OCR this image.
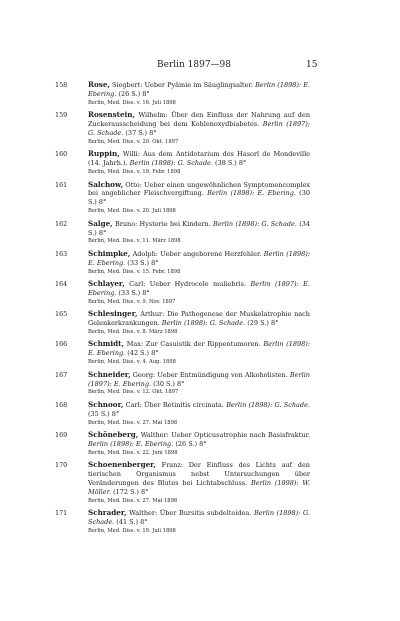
Berlin 1897—98	15
158	Rose, Siegbert: Ueber Pyämie im Säuglingsalter. Berlin (1898): E. Ebering. (26 S.) 8°
Berlin, Med. Diss. v. 16. Juli 1898
159	Rosenstein, Wilhelm: Über den Einfluss der Nahrung auf den Zuckerausscheidung bei dem Kohlenoxydbiabetes. Berlin (1897); G. Schade. (37 S.) 8°
Berlin, Med. Diss. v. 20. Okt. 1897
160	Ruppin, Willi: Aus dem Antidotarium des Hasorl de Mondeville (14. Jahrh.). Berlin (1898): G. Schade. (38 S.) 8°
Berlin, Med. Diss. v. 19. Febr. 1898
161	Salchow, Otto: Ueber einen ungewöhnlichen Symptomencomplex bei angeblicher Fleischvergiftung. Berlin (1898): E. Ebering. (30 S.) 8°
Berlin, Med. Diss. v. 20. Juli 1898
162	Salge, Bruno: Hysterie bei Kindern. Berlin (1898): G. Schade. (34 S.) 8°
Berlin, Med. Diss. v. 11. März 1898
163	Schimpke, Adolph: Ueber angeborene Herzfehler. Berlin (1898): E. Ebering. (33 S.) 8°
Berlin, Med. Diss. v. 15. Febr. 1898
164	Schlayer, Carl: Ueber Hydrocele muliebris. Berlin (1897): E. Ebering. (33 S.) 8°
Berlin, Med. Diss. v. 9. Nov. 1897
165	Schlesinger, Arthur: Die Pathogenese der Muskelatrophie nach Gelenkerkrankungen. Berlin (1898): G. Schade. (29 S.) 8°
Berlin, Med. Diss. v. 8. März 1898
166	Schmidt, Max: Zur Casuistik der Rippentumoren. Berlin (1898): E. Ebering. (42 S.) 8°
Berlin, Med. Diss. v. 4. Aug. 1898
167	Schneider, Georg: Ueber Entmündigung von Alkoholisten. Berlin (1897): E. Ebering. (30 S.) 8°
Berlin, Med. Diss. v. 12. Okt. 1897
168	Schnoor, Carl: Über Retinitis circinata. Berlin (1898): G. Schade. (35 S.) 8°
Berlin, Med. Diss. v. 27. Mai 1898
169	Schöneberg, Walther: Ueber Opticusatrophie nach Basisfraktur. Berlin (1898): E. Ebering. (26 S.) 8°
Berlin, Med. Diss. v. 22. Juni 1898
170	Schoenenberger, Franz: Der Einfluss des Lichts auf den tierischen Organismus nebst Untersuchungen über Veränderungen des Blutes bei Lichtabschluss. Berlin (1898): W. Möller. (172 S.) 8°
Berlin, Med. Diss. v. 27. Mai 1898
171	Schrader, Walther: Über Bursitis subdeltoidea. Berlin (1898): G. Schade. (41 S.) 8°
Berlin, Med. Diss. v. 19. Juli 1898
